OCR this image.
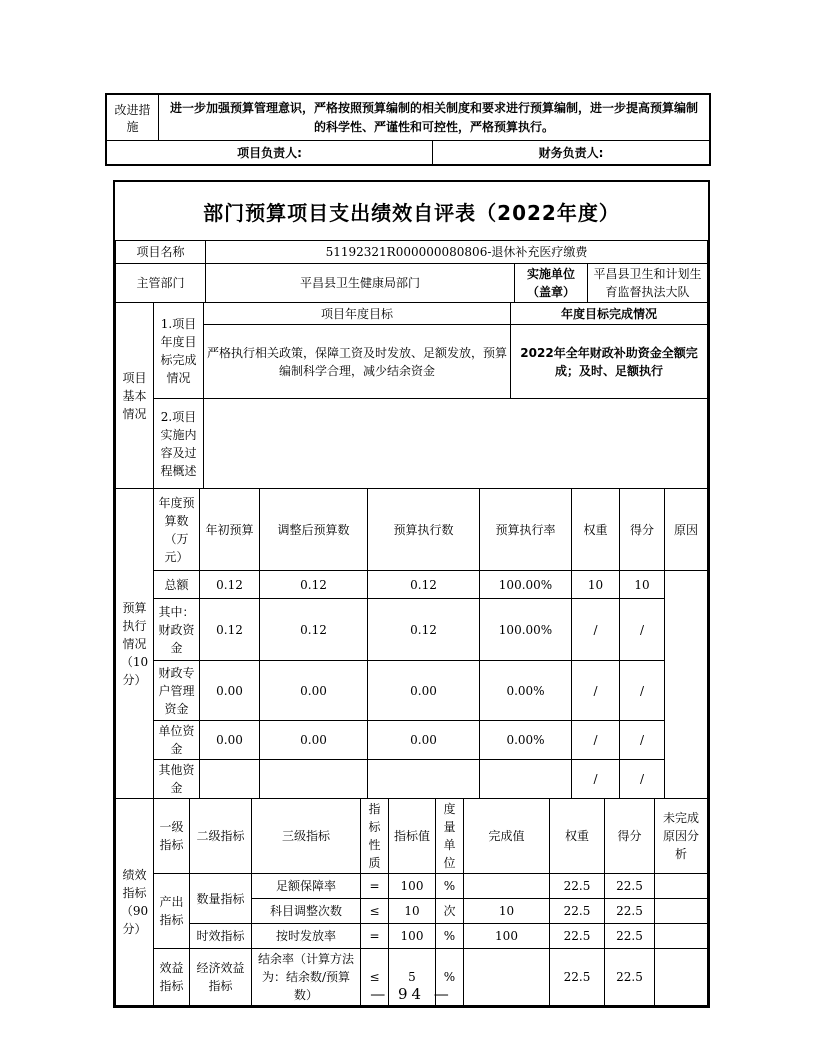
改进措施
进一步加强预算管理意识，严格按照预算编制的相关制度和要求进行预算编制，进一步提高预算编制的科学性、严谨性和可控性，严格预算执行。
项目负责人:	财务负责人:
部门预算项目支出绩效自评表（2022年度）
项目名称	51192321R000000080806-退休补充医疗缴费
主管部门	平昌县卫生健康局部门	实施单位（盖章）	平昌县卫生和计划生育监督执法大队
项目基本情况	1.项目年度目标完成情况	项目年度目标	年度目标完成情况
		严格执行相关政策，保障工资及时发放、足额发放，预算编制科学合理，减少结余资金	2022年全年财政补助资金全额完成；及时、足额执行
	2.项目实施内容及过程概述		
预算执行情况（10分）	年度预算数（万元）	年初预算	调整后预算数	预算执行数	预算执行率	权重	得分	原因
	总额	0.12	0.12	0.12	100.00%	10	10	
	其中：财政资金	0.12	0.12	0.12	100.00%	/	/	
	财政专户管理资金	0.00	0.00	0.00	0.00%	/	/	
	单位资金	0.00	0.00	0.00	0.00%	/	/	
	其他资金					/	/	
绩效指标（90分）	一级指标	二级指标	三级指标	指标性质	指标值	度量单位	完成值	权重	得分	未完成原因分析
	产出指标	数量指标	足额保障率	=	100	%		22.5	22.5	
			科目调整次数	≤	10	次	10	22.5	22.5	
		时效指标	按时发放率	=	100	%	100	22.5	22.5	
	效益指标	经济效益指标	结余率（计算方法为：结余数/预算数）	≤	5	%		22.5	22.5	
— 94 —
